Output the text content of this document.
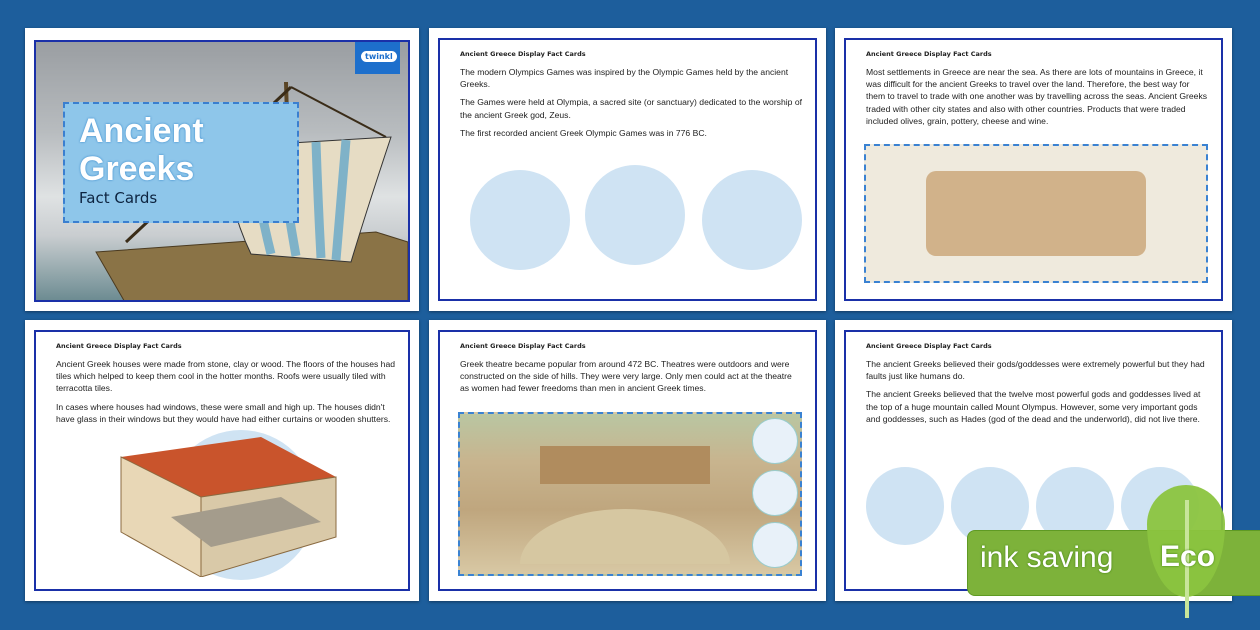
Ancient
Greeks
Fact Cards
twinkl	Ancient Greece Display Fact Cards

The modern Olympics Games was inspired by the Olympic Games held by the ancient Greeks.

The Games were held at Olympia, a sacred site (or sanctuary) dedicated to the worship of the ancient Greek god, Zeus.

The first recorded ancient Greek Olympic Games was in 776 BC.

Ancient Greece Display Fact Cards

Most settlements in Greece are near the sea. As there are lots of mountains in Greece, it was difficult for the ancient Greeks to travel over the land. Therefore, the best way for them to travel to trade with one another was by travelling across the seas. Ancient Greeks traded with other city states and also with other countries. Products that were traded included olives, grain, pottery, cheese and wine.

Ancient Greece Display Fact Cards

Ancient Greek houses were made from stone, clay or wood. The floors of the houses had tiles which helped to keep them cool in the hotter months. Roofs were usually tiled with terracotta tiles.

In cases where houses had windows, these were small and high up. The houses didn't have glass in their windows but they would have had either curtains or wooden shutters.

Ancient Greece Display Fact Cards

Greek theatre became popular from around 472 BC. Theatres were outdoors and were constructed on the side of hills. They were very large. Only men could act at the theatre as women had fewer freedoms than men in ancient Greek times.

Ancient Greece Display Fact Cards

The ancient Greeks believed their gods/goddesses were extremely powerful but they had faults just like humans do.

The ancient Greeks believed that the twelve most powerful gods and goddesses lived at the top of a huge mountain called Mount Olympus. However, some very important gods and goddesses, such as Hades (god of the dead and the underworld), did not live there.

ink saving Eco
